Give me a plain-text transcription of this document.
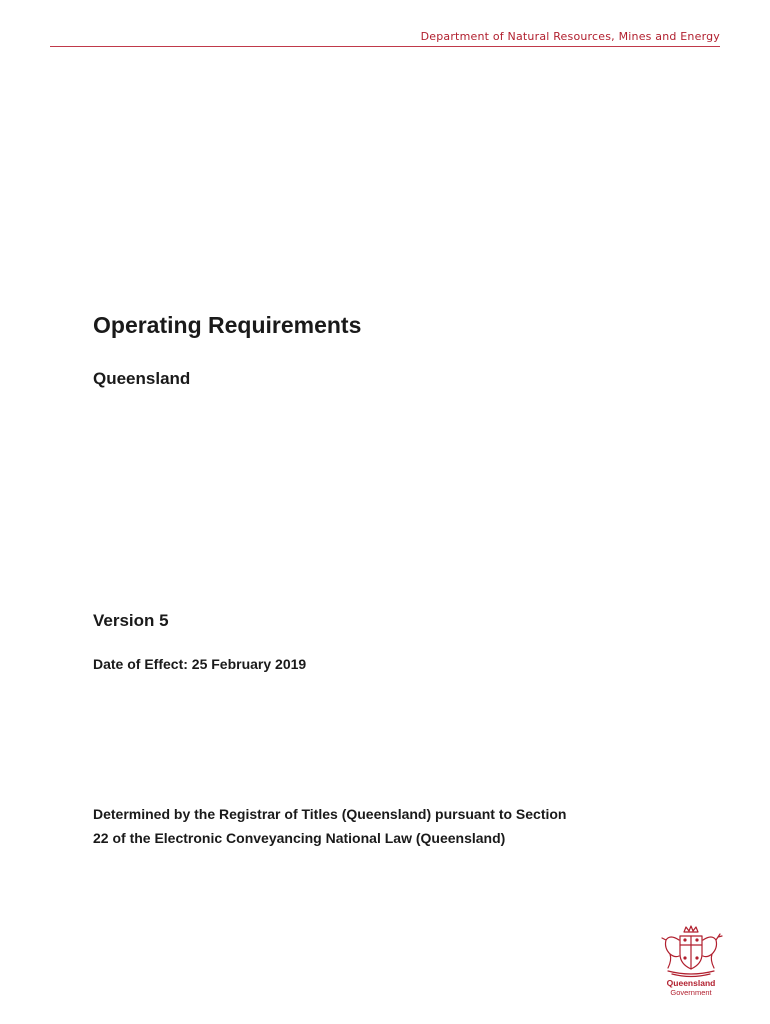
Department of Natural Resources, Mines and Energy
Operating Requirements
Queensland
Version 5

Date of Effect: 25 February 2019

Determined by the Registrar of Titles (Queensland) pursuant to Section
22 of the Electronic Conveyancing National Law (Queensland)

Queensland
Government
